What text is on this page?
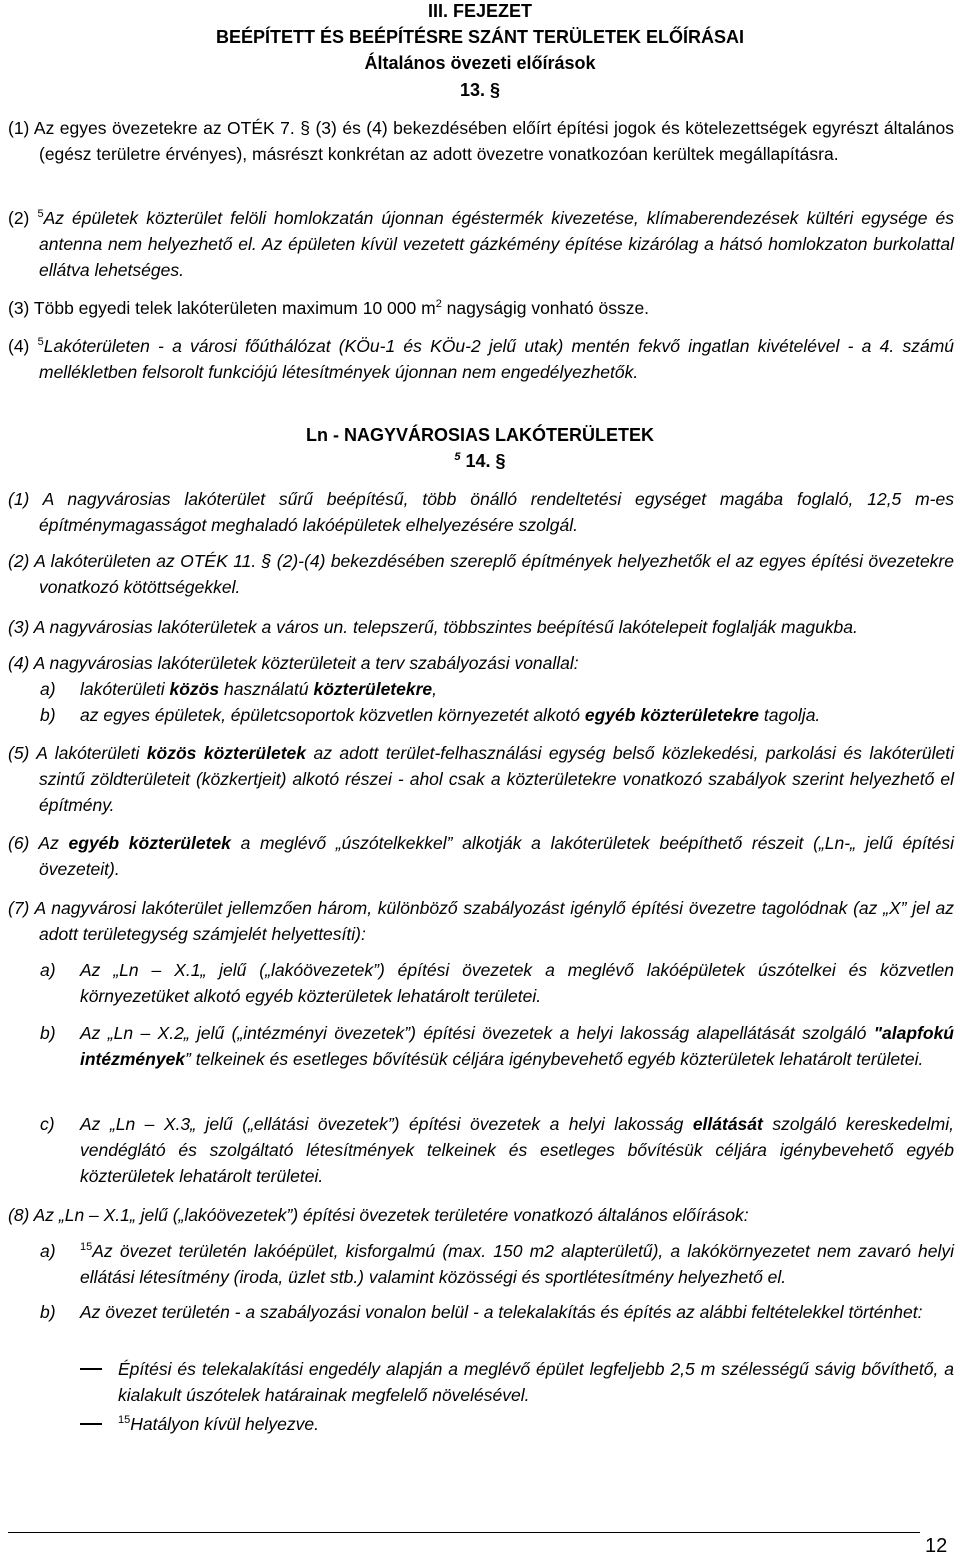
III. FEJEZET
BEÉPÍTETT ÉS BEÉPÍTÉSRE SZÁNT TERÜLETEK ELŐÍRÁSAI
Általános övezeti előírások
13. §
(1) Az egyes övezetekre az OTÉK 7. § (3) és (4) bekezdésében előírt építési jogok és kötelezettségek egyrészt általános (egész területre érvényes), másrészt konkrétan az adott övezetre vonatkozóan kerültek megállapításra.
(2) $^5$Az épületek közterület felöli homlokzatán újonnan égéstermék kivezetése, klímaberendezések kültéri egysége és antenna nem helyezhető el. Az épületen kívül vezetett gázkémény építése kizárólag a hátsó homlokzaton burkolattal ellátva lehetséges.
(3) Több egyedi telek lakóterületen maximum 10 000 $m^2$ nagyságig vonható össze.
(4) $^5$Lakóterületen - a városi főúthálózat (KÖu-1 és KÖu-2 jelű utak) mentén fekvő ingatlan kivételével - a 4. számú mellékletben felsorolt funkciójú létesítmények újonnan nem engedélyezhetők.
Ln - NAGYVÁROSIAS LAKÓTERÜLETEK
$^5$ 14. §
(1) A nagyvárosias lakóterület sűrű beépítésű, több önálló rendeltetési egységet magába foglaló, 12,5 m-es építménymagasságot meghaladó lakóépületek elhelyezésére szolgál.
(2) A lakóterületen az OTÉK 11. § (2)-(4) bekezdésében szereplő építmények helyezhetők el az egyes építési övezetekre vonatkozó kötöttségekkel.
(3) A nagyvárosias lakóterületek a város un. telepszerű, többszintes beépítésű lakótelepeit foglalják magukba.
(4) A nagyvárosias lakóterületek közterületeit a terv szabályozási vonallal:
a) lakóterületi közös használatú közterületekre,
b) az egyes épületek, épületcsoportok közvetlen környezetét alkotó egyéb közterületekre tagolja.
(5) A lakóterületi közös közterületek az adott terület-felhasználási egység belső közlekedési, parkolási és lakóterületi szintű zöldterületeit (közkertjeit) alkotó részei - ahol csak a közterületekre vonatkozó szabályok szerint helyezhető el építmény.
(6) Az egyéb közterületek a meglévő „úszótelkekkel” alkotják a lakóterületek beépíthető részeit („Ln-„ jelű építési övezeteit).
(7) A nagyvárosi lakóterület jellemzően három, különböző szabályozást igénylő építési övezetre tagolódnak (az „X” jel az adott területegység számjelét helyettesíti):
a) Az „Ln – X.1„ jelű („lakóövezetek”) építési övezetek a meglévő lakóépületek úszótelkei és közvetlen környezetüket alkotó egyéb közterületek lehatárolt területei.
b) Az „Ln – X.2„ jelű („intézményi övezetek”) építési övezetek a helyi lakosság alapellátását szolgáló "alapfokú intézmények” telkeinek és esetleges bővítésük céljára igénybevehető egyéb közterületek lehatárolt területei.
c) Az „Ln – X.3„ jelű („ellátási övezetek”) építési övezetek a helyi lakosság ellátását szolgáló kereskedelmi, vendéglátó és szolgáltató létesítmények telkeinek és esetleges bővítésük céljára igénybevehető egyéb közterületek lehatárolt területei.
(8) Az „Ln – X.1„ jelű („lakóövezetek”) építési övezetek területére vonatkozó általános előírások:
a) $^{15}$Az övezet területén lakóépület, kisforgalmú (max. 150 m2 alapterületű), a lakókörnyezetet nem zavaró helyi ellátási létesítmény (iroda, üzlet stb.) valamint közösségi és sportlétesítmény helyezhető el.
b) Az övezet területén - a szabályozási vonalon belül - a telekalakítás és építés az alábbi feltételekkel történhet:
Építési és telekalakítási engedély alapján a meglévő épület legfeljebb 2,5 m szélességű sávig bővíthető, a kialakult úszótelek határainak megfelelő növelésével.
$^{15}$Hatályon kívül helyezve.
12
